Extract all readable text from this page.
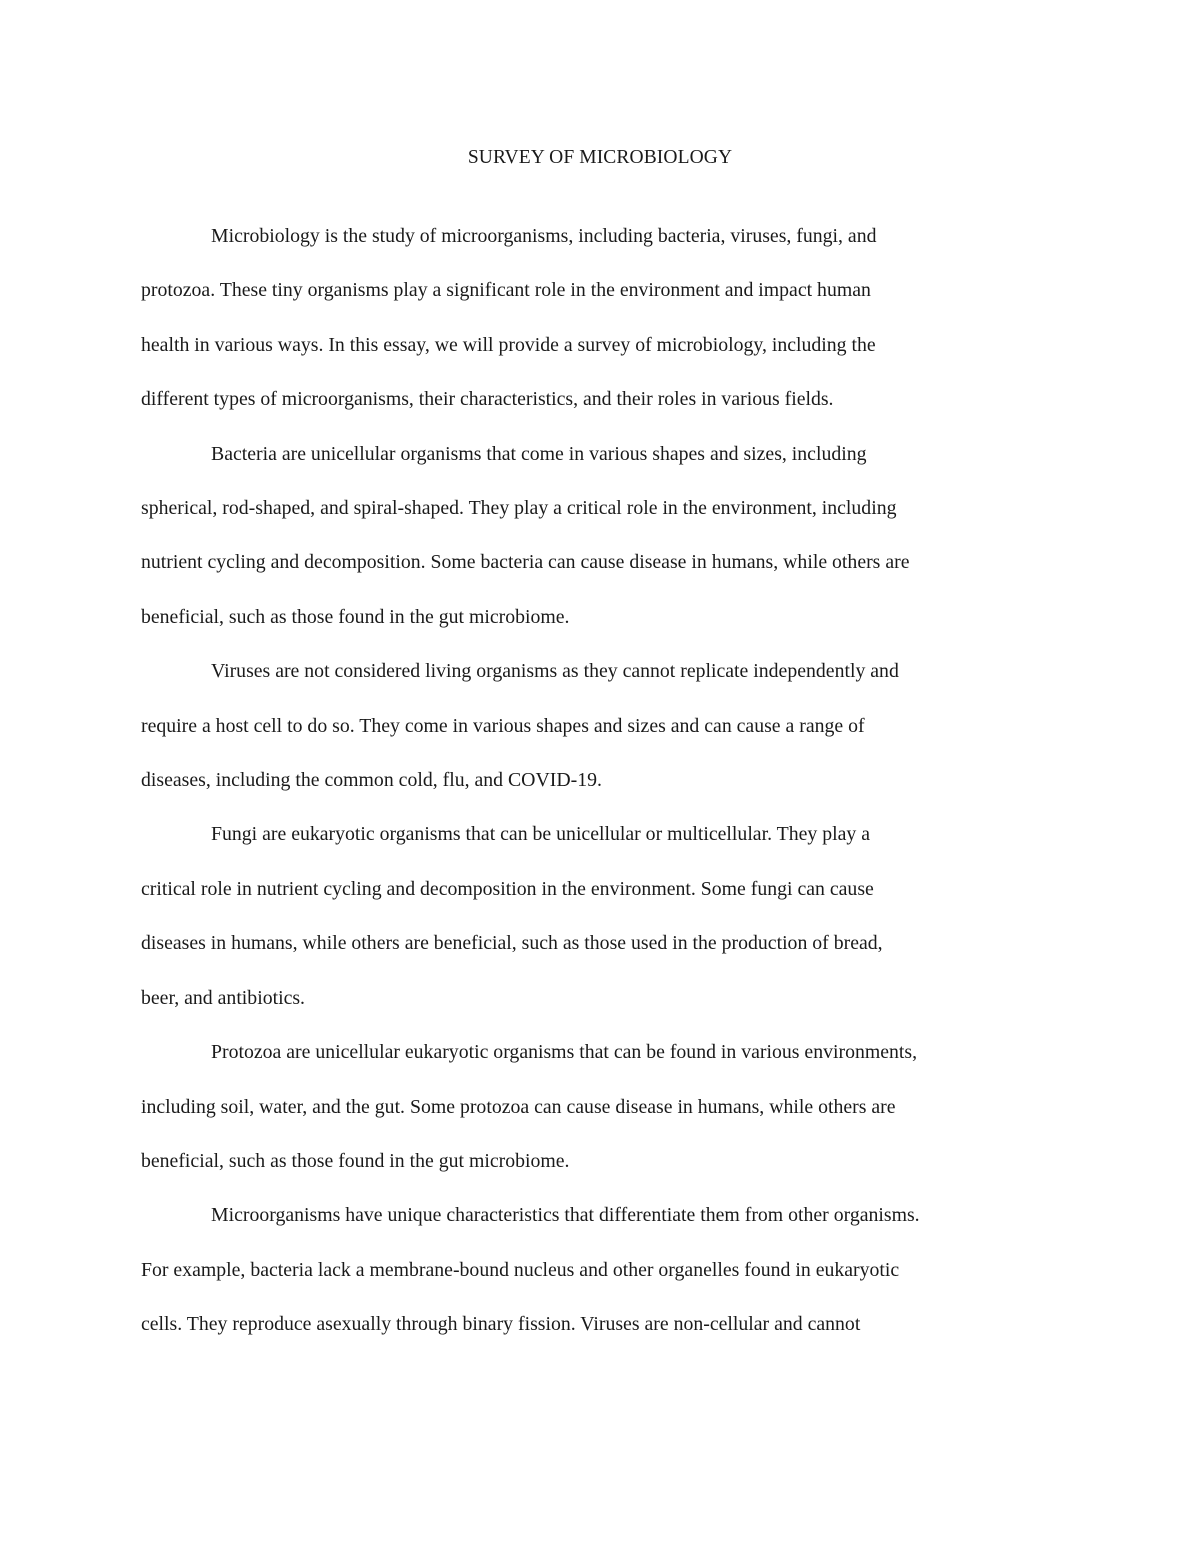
SURVEY OF MICROBIOLOGY

Microbiology is the study of microorganisms, including bacteria, viruses, fungi, and
protozoa. These tiny organisms play a significant role in the environment and impact human
health in various ways. In this essay, we will provide a survey of microbiology, including the
different types of microorganisms, their characteristics, and their roles in various fields.

Bacteria are unicellular organisms that come in various shapes and sizes, including
spherical, rod-shaped, and spiral-shaped. They play a critical role in the environment, including
nutrient cycling and decomposition. Some bacteria can cause disease in humans, while others are
beneficial, such as those found in the gut microbiome.

Viruses are not considered living organisms as they cannot replicate independently and
require a host cell to do so. They come in various shapes and sizes and can cause a range of
diseases, including the common cold, flu, and COVID-19.

Fungi are eukaryotic organisms that can be unicellular or multicellular. They play a
critical role in nutrient cycling and decomposition in the environment. Some fungi can cause
diseases in humans, while others are beneficial, such as those used in the production of bread,
beer, and antibiotics.

Protozoa are unicellular eukaryotic organisms that can be found in various environments,
including soil, water, and the gut. Some protozoa can cause disease in humans, while others are
beneficial, such as those found in the gut microbiome.

Microorganisms have unique characteristics that differentiate them from other organisms.
For example, bacteria lack a membrane-bound nucleus and other organelles found in eukaryotic
cells. They reproduce asexually through binary fission. Viruses are non-cellular and cannot
